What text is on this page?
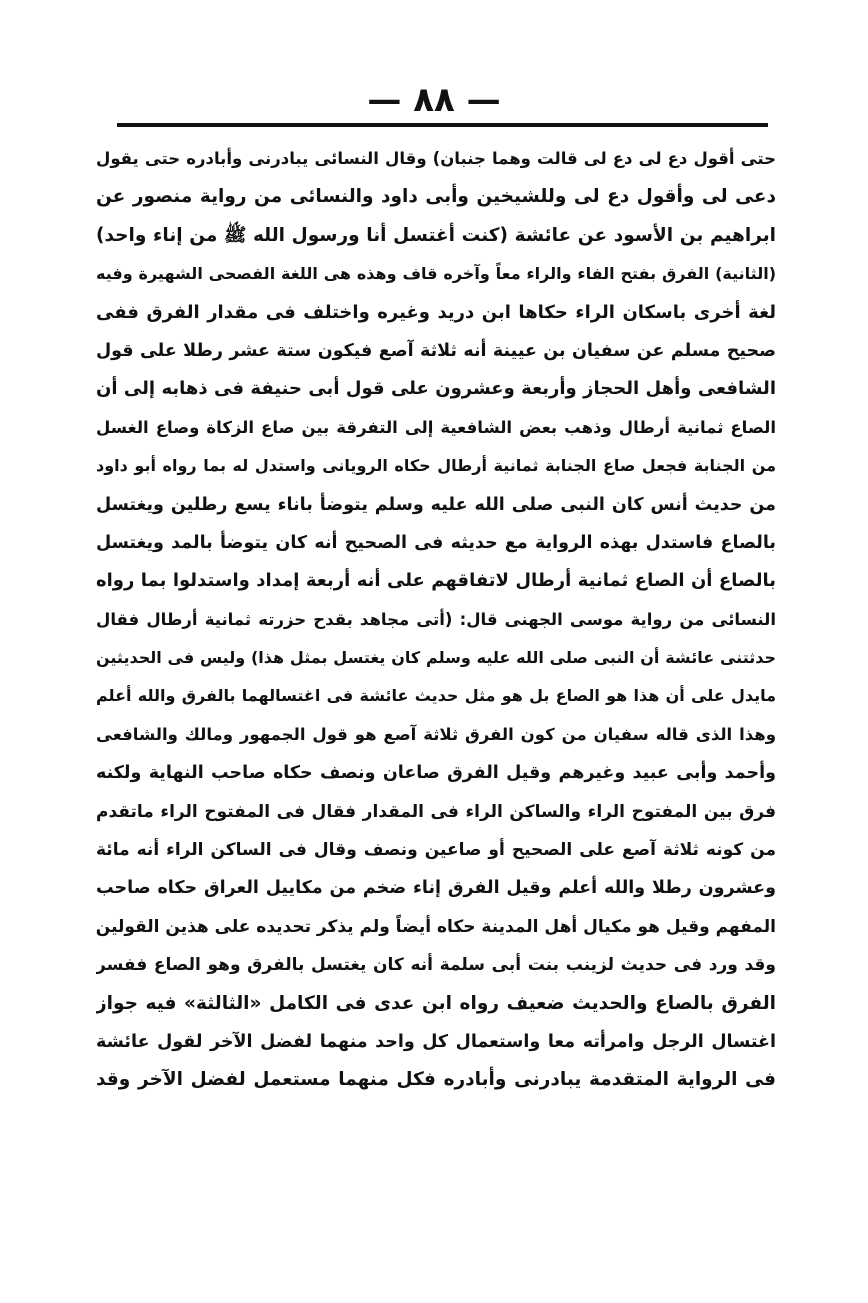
— ٨٨ —
حتى أقول دع لى دع لى قالت وهما جنبان) وقال النسائى يبادرنى وأبادره حتى يقول
دعى لى وأقول دع لى وللشيخين وأبى داود والنسائى من رواية منصور عن
ابراهيم بن الأسود عن عائشة (كنت أغتسل أنا ورسول الله ﷺ من إناء واحد)
(الثانية) الفرق بفتح الفاء والراء معاً وآخره قاف وهذه هى اللغة الفصحى الشهيرة وفيه
لغة أخرى باسكان الراء حكاها ابن دريد وغيره واختلف فى مقدار الفرق ففى
صحيح مسلم عن سفيان بن عيينة أنه ثلاثة آصع فيكون ستة عشر رطلا على قول
الشافعى وأهل الحجاز وأربعة وعشرون على قول أبى حنيفة فى ذهابه إلى أن
الصاع ثمانية أرطال وذهب بعض الشافعية إلى التفرقة بين صاع الزكاة وصاع الغسل
من الجنابة فجعل صاع الجنابة ثمانية أرطال حكاه الرويانى واستدل له بما رواه أبو داود
من حديث أنس كان النبى صلى الله عليه وسلم يتوضأ باناء يسع رطلين ويغتسل
بالصاع فاستدل بهذه الرواية مع حديثه فى الصحيح أنه كان يتوضأ بالمد ويغتسل
بالصاع أن الصاع ثمانية أرطال لاتفاقهم على أنه أربعة إمداد واستدلوا بما رواه
النسائى من رواية موسى الجهنى قال: (أتى مجاهد بقدح حزرته ثمانية أرطال فقال
حدثتنى عائشة أن النبى صلى الله عليه وسلم كان يغتسل بمثل هذا) وليس فى الحديثين
مايدل على أن هذا هو الصاع بل هو مثل حديث عائشة فى اغتسالهما بالفرق والله أعلم
وهذا الذى قاله سفيان من كون الفرق ثلاثة آصع هو قول الجمهور ومالك والشافعى
وأحمد وأبى عبيد وغيرهم وقيل الفرق صاعان ونصف حكاه صاحب النهاية ولكنه
فرق بين المفتوح الراء والساكن الراء فى المقدار فقال فى المفتوح الراء ماتقدم
من كونه ثلاثة آصع على الصحيح أو صاعين ونصف وقال فى الساكن الراء أنه مائة
وعشرون رطلا والله أعلم وقيل الفرق إناء ضخم من مكاييل العراق حكاه صاحب
المفهم وقيل هو مكيال أهل المدينة حكاه أيضاً ولم يذكر تحديده على هذين القولين
وقد ورد فى حديث لزينب بنت أبى سلمة أنه كان يغتسل بالفرق وهو الصاع ففسر
الفرق بالصاع والحديث ضعيف رواه ابن عدى فى الكامل «الثالثة» فيه جواز
اغتسال الرجل وامرأته معا واستعمال كل واحد منهما لفضل الآخر لقول عائشة
فى الرواية المتقدمة يبادرنى وأبادره فكل منهما مستعمل لفضل الآخر وقد
